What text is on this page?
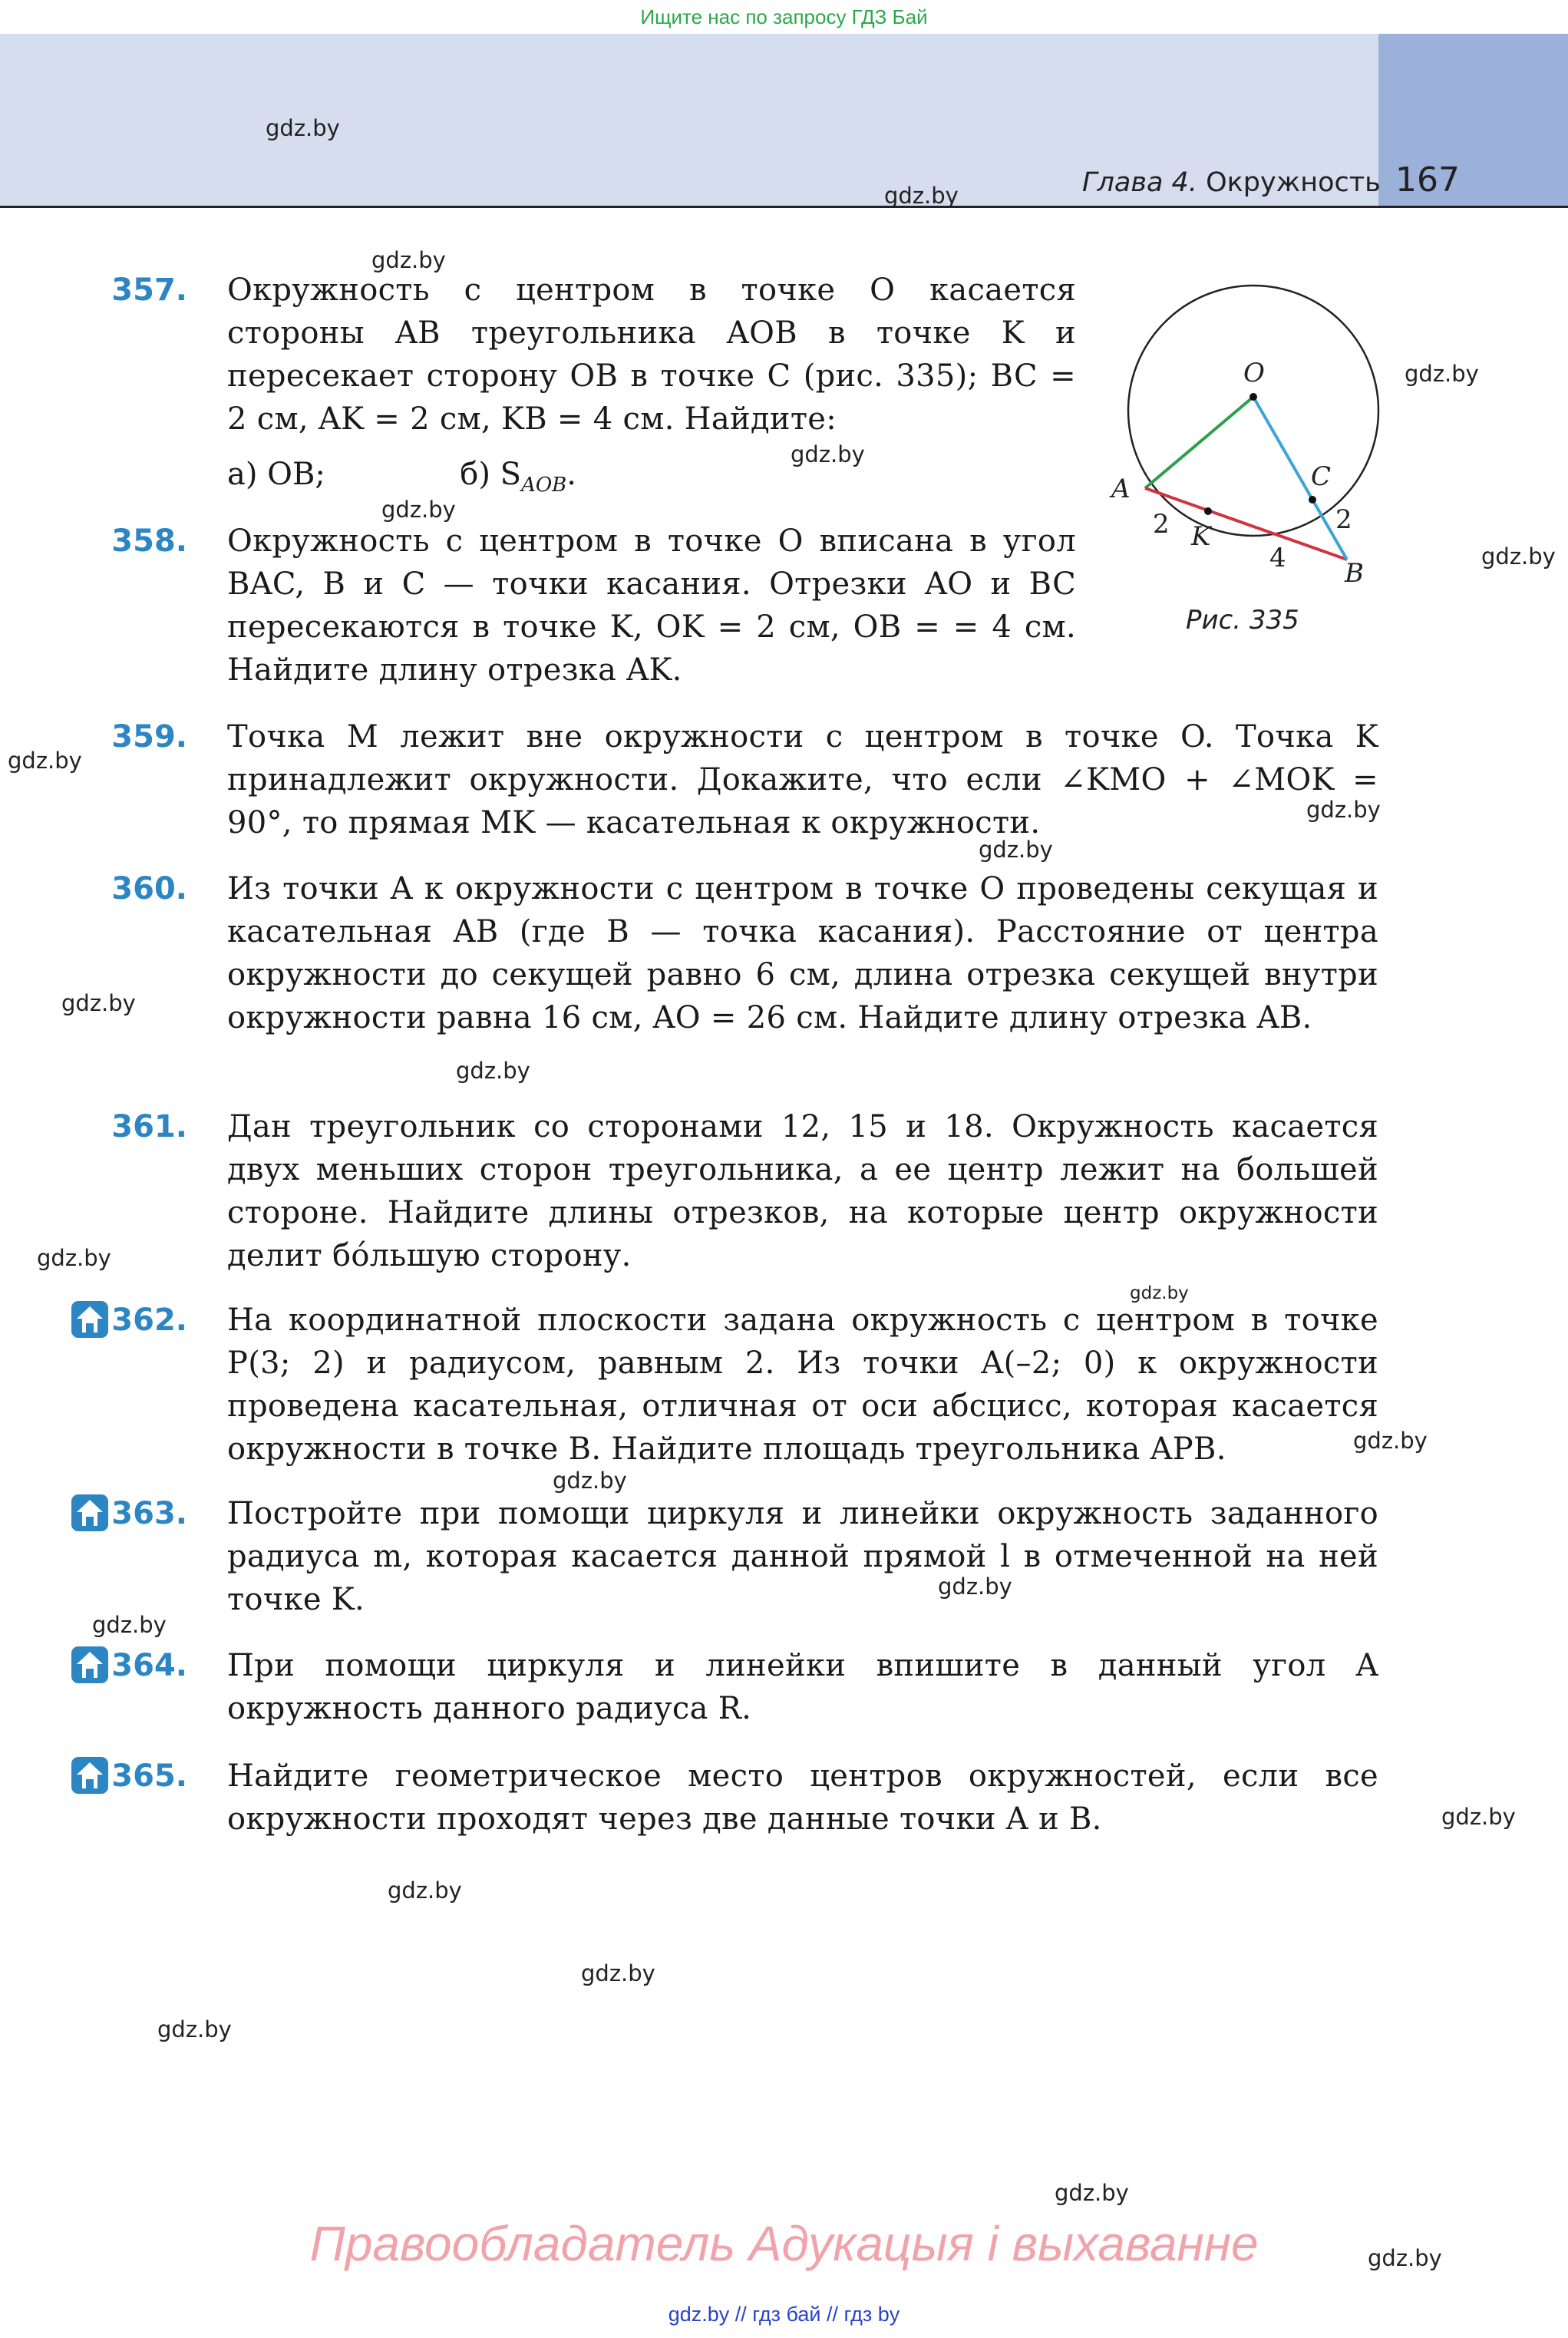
Ищите нас по запросу ГДЗ Бай
Глава 4. Окружность 167
gdz.by
gdz.by
gdz.by
gdz.by
gdz.by
gdz.by
gdz.by
gdz.by
gdz.by
gdz.by
gdz.by
gdz.by
gdz.by
gdz.by
gdz.by
gdz.by
gdz.by
gdz.by
gdz.by
gdz.by
gdz.by
gdz.by
gdz.by
gdz.by
357. Окружность с центром в точке O касается стороны AB треугольника AOB в точке K и пересекает сторону OB в точке C (рис. 335); BC = 2 см, AK = 2 см, KB = 4 см. Найдите:
а) OB;	б) $S_{AOB}$.
358. Окружность с центром в точке O вписана в угол BAC, B и C — точки касания. Отрезки AO и BC пересекаются в точке K, OK = 2 см, OB = = 4 см. Найдите длину отрезка AK.
O
A
B
C
K
2
4
2
Рис. 335
359. Точка M лежит вне окружности с центром в точке O. Точка K принадлежит окружности. Докажите, что если ∠KMO + ∠MOK = 90°, то прямая MK — касательная к окружности.
360. Из точки A к окружности с центром в точке O проведены секущая и касательная AB (где B — точка касания). Расстояние от центра окружности до секущей равно 6 см, длина отрезка секущей внутри окружности равна 16 см, AO = 26 см. Найдите длину отрезка AB.
361. Дан треугольник со сторонами 12, 15 и 18. Окружность касается двух меньших сторон треугольника, а ее центр лежит на большей стороне. Найдите длины отрезков, на которые центр окружности делит бо́льшую сторону.
362. На координатной плоскости задана окружность с центром в точке P(3; 2) и радиусом, равным 2. Из точки A(–2; 0) к окружности проведена касательная, отличная от оси абсцисс, которая касается окружности в точке B. Найдите площадь треугольника APB.
363. Постройте при помощи циркуля и линейки окружность заданного радиуса m, которая касается данной прямой l в отмеченной на ней точке K.
364. При помощи циркуля и линейки впишите в данный угол A окружность данного радиуса R.
365. Найдите геометрическое место центров окружностей, если все окружности проходят через две данные точки A и B.
Правообладатель Адукацыя і выхаванне
gdz.by // гдз бай // гдз by
